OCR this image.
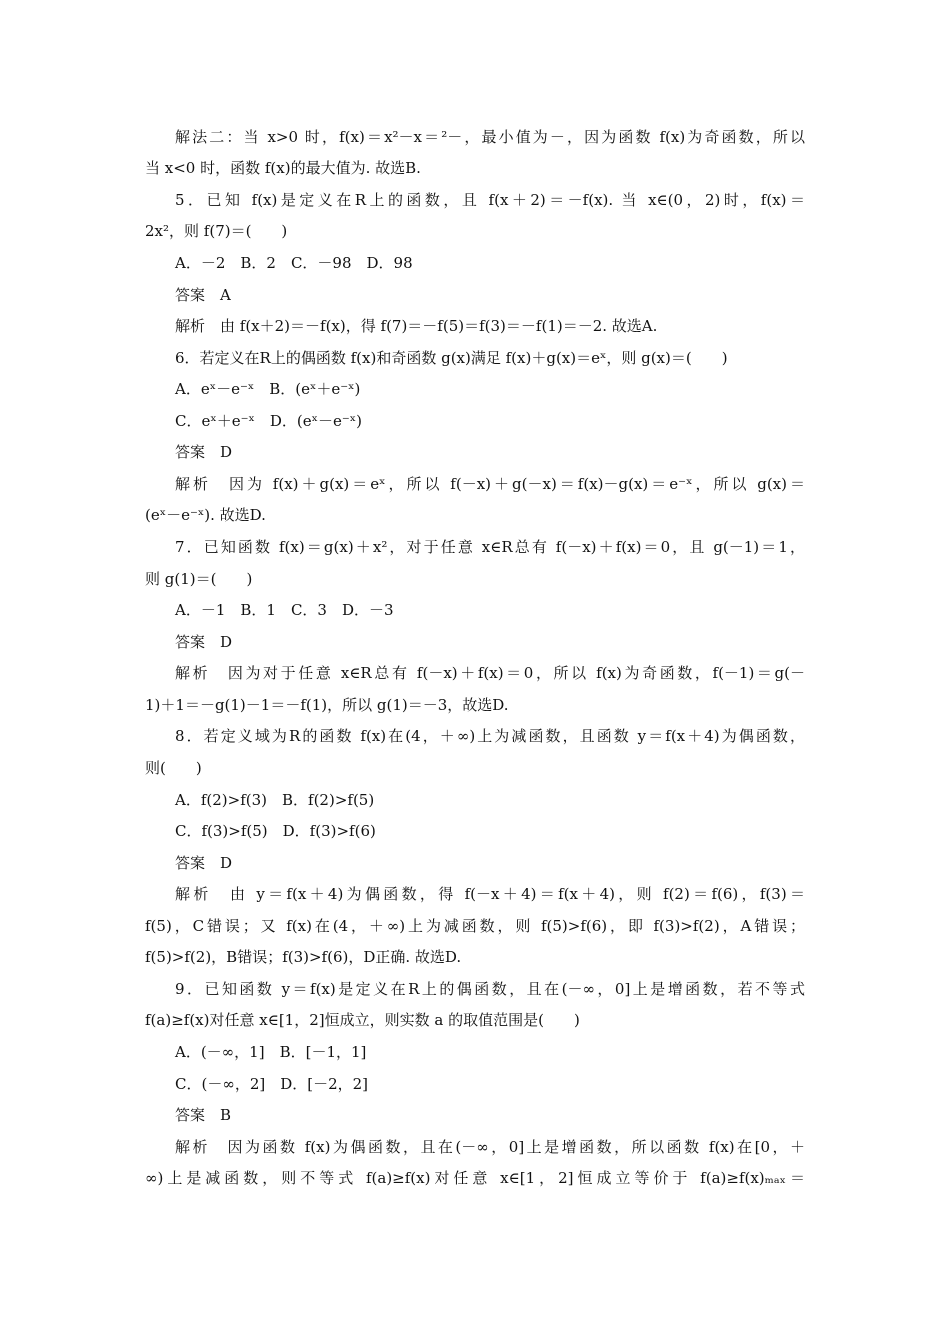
解法二：当 x>0 时，f(x)＝x²－x＝²－，最小值为－，因为函数 f(x)为奇函数，所以
当 x<0 时，函数 f(x)的最大值为. 故选B.
5．已知 f(x)是定义在R上的函数，且 f(x＋2)＝－f(x). 当 x∈(0，2)时，f(x)＝
2x²，则 f(7)＝(　　)
A．－2　B．2　C．－98　D．98
答案　A
解析　由 f(x＋2)＝－f(x)，得 f(7)＝－f(5)＝f(3)＝－f(1)＝－2. 故选A.
6．若定义在R上的偶函数 f(x)和奇函数 g(x)满足 f(x)＋g(x)＝eˣ，则 g(x)＝(　　)
A．eˣ－e⁻ˣ　B．(eˣ＋e⁻ˣ)
C．eˣ＋e⁻ˣ　D．(eˣ－e⁻ˣ)
答案　D
解析　因为 f(x)＋g(x)＝eˣ，所以 f(－x)＋g(－x)＝f(x)－g(x)＝e⁻ˣ，所以 g(x)＝
(eˣ－e⁻ˣ). 故选D.
7．已知函数 f(x)＝g(x)＋x²，对于任意 x∈R总有 f(－x)＋f(x)＝0，且 g(－1)＝1，
则 g(1)＝(　　)
A．－1　B．1　C．3　D．－3
答案　D
解析　因为对于任意 x∈R总有 f(－x)＋f(x)＝0，所以 f(x)为奇函数，f(－1)＝g(－
1)＋1＝－g(1)－1＝－f(1)，所以 g(1)＝－3，故选D.
8．若定义域为R的函数 f(x)在(4，＋∞)上为减函数，且函数 y＝f(x＋4)为偶函数，
则(　　)
A．f(2)>f(3)　B．f(2)>f(5)
C．f(3)>f(5)　D．f(3)>f(6)
答案　D
解析　由 y＝f(x＋4)为偶函数，得 f(－x＋4)＝f(x＋4)，则 f(2)＝f(6)，f(3)＝
f(5)，C错误；又 f(x)在(4，＋∞)上为减函数，则 f(5)>f(6)，即 f(3)>f(2)，A错误；
f(5)>f(2)，B错误；f(3)>f(6)，D正确. 故选D.
9．已知函数 y＝f(x)是定义在R上的偶函数，且在(－∞，0]上是增函数，若不等式
f(a)≥f(x)对任意 x∈[1，2]恒成立，则实数 a 的取值范围是(　　)
A．(－∞，1]　B．[－1，1]
C．(－∞，2]　D．[－2，2]
答案　B
解析　因为函数 f(x)为偶函数，且在(－∞，0]上是增函数，所以函数 f(x)在[0，＋
∞)上是减函数，则不等式 f(a)≥f(x)对任意 x∈[1，2]恒成立等价于 f(a)≥f(x)ₘₐₓ＝
